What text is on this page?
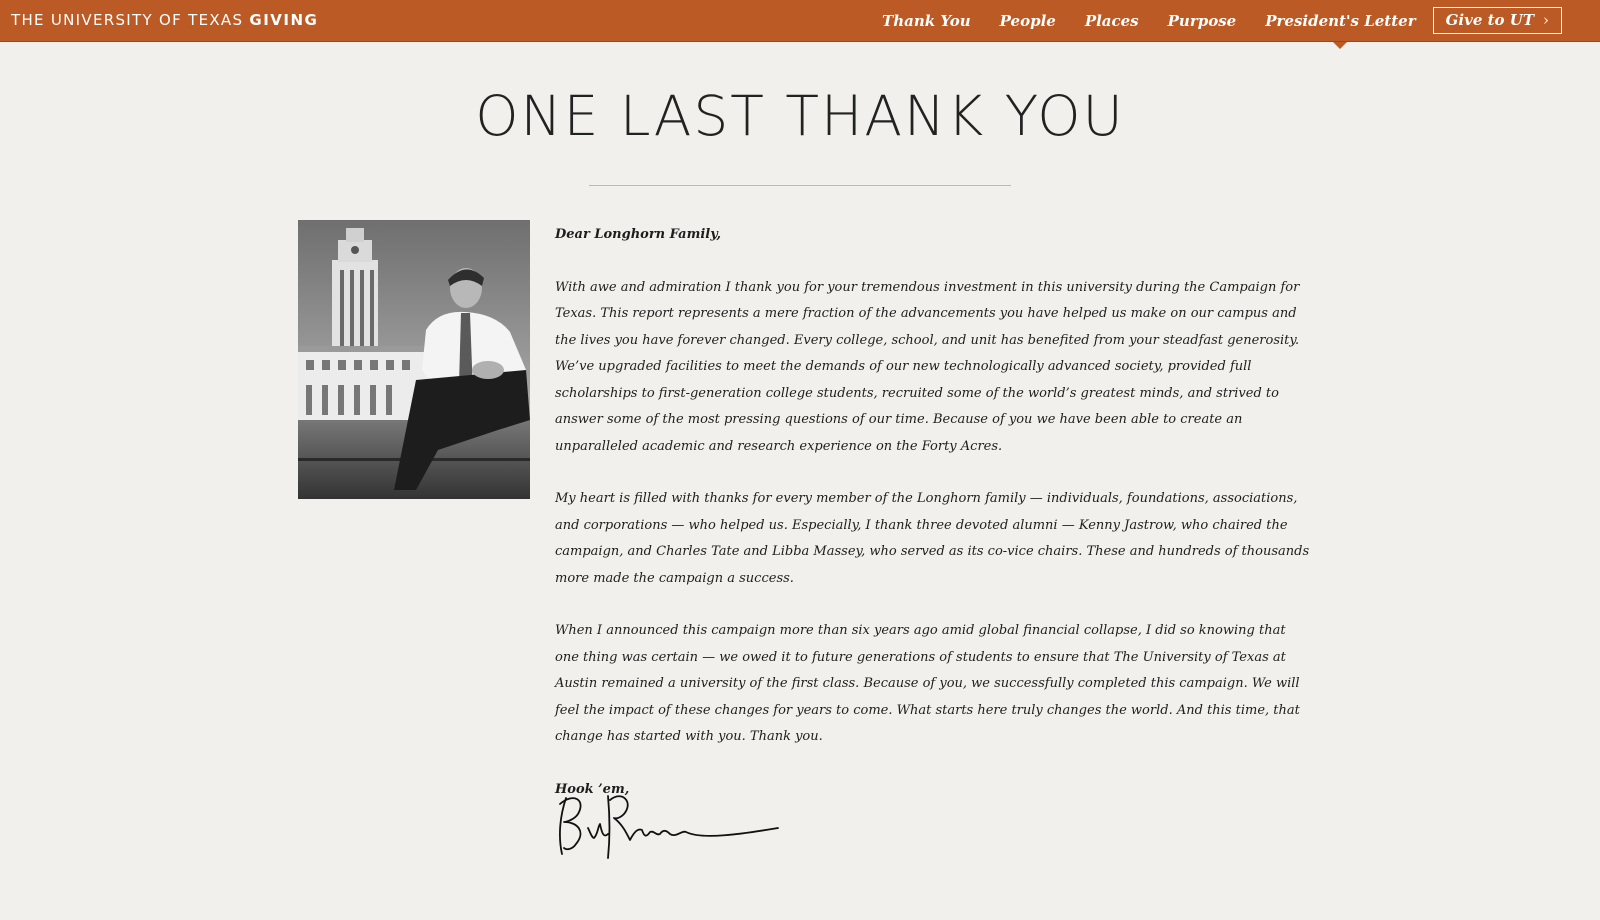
THE UNIVERSITY OF TEXAS GIVING	Thank You People Places Purpose President's Letter Give to UT ›
ONE LAST THANK YOU

Dear Longhorn Family,

With awe and admiration I thank you for your tremendous investment in this university during the Campaign for Texas. This report represents a mere fraction of the advancements you have helped us make on our campus and the lives you have forever changed. Every college, school, and unit has benefited from your steadfast generosity. We’ve upgraded facilities to meet the demands of our new technologically advanced society, provided full scholarships to first-generation college students, recruited some of the world’s greatest minds, and strived to answer some of the most pressing questions of our time. Because of you we have been able to create an unparalleled academic and research experience on the Forty Acres.

My heart is filled with thanks for every member of the Longhorn family — individuals, foundations, associations, and corporations — who helped us. Especially, I thank three devoted alumni — Kenny Jastrow, who chaired the campaign, and Charles Tate and Libba Massey, who served as its co-vice chairs. These and hundreds of thousands more made the campaign a success.

When I announced this campaign more than six years ago amid global financial collapse, I did so knowing that one thing was certain — we owed it to future generations of students to ensure that The University of Texas at Austin remained a university of the first class. Because of you, we successfully completed this campaign. We will feel the impact of these changes for years to come. What starts here truly changes the world. And this time, that change has started with you. Thank you.

Hook ’em,
